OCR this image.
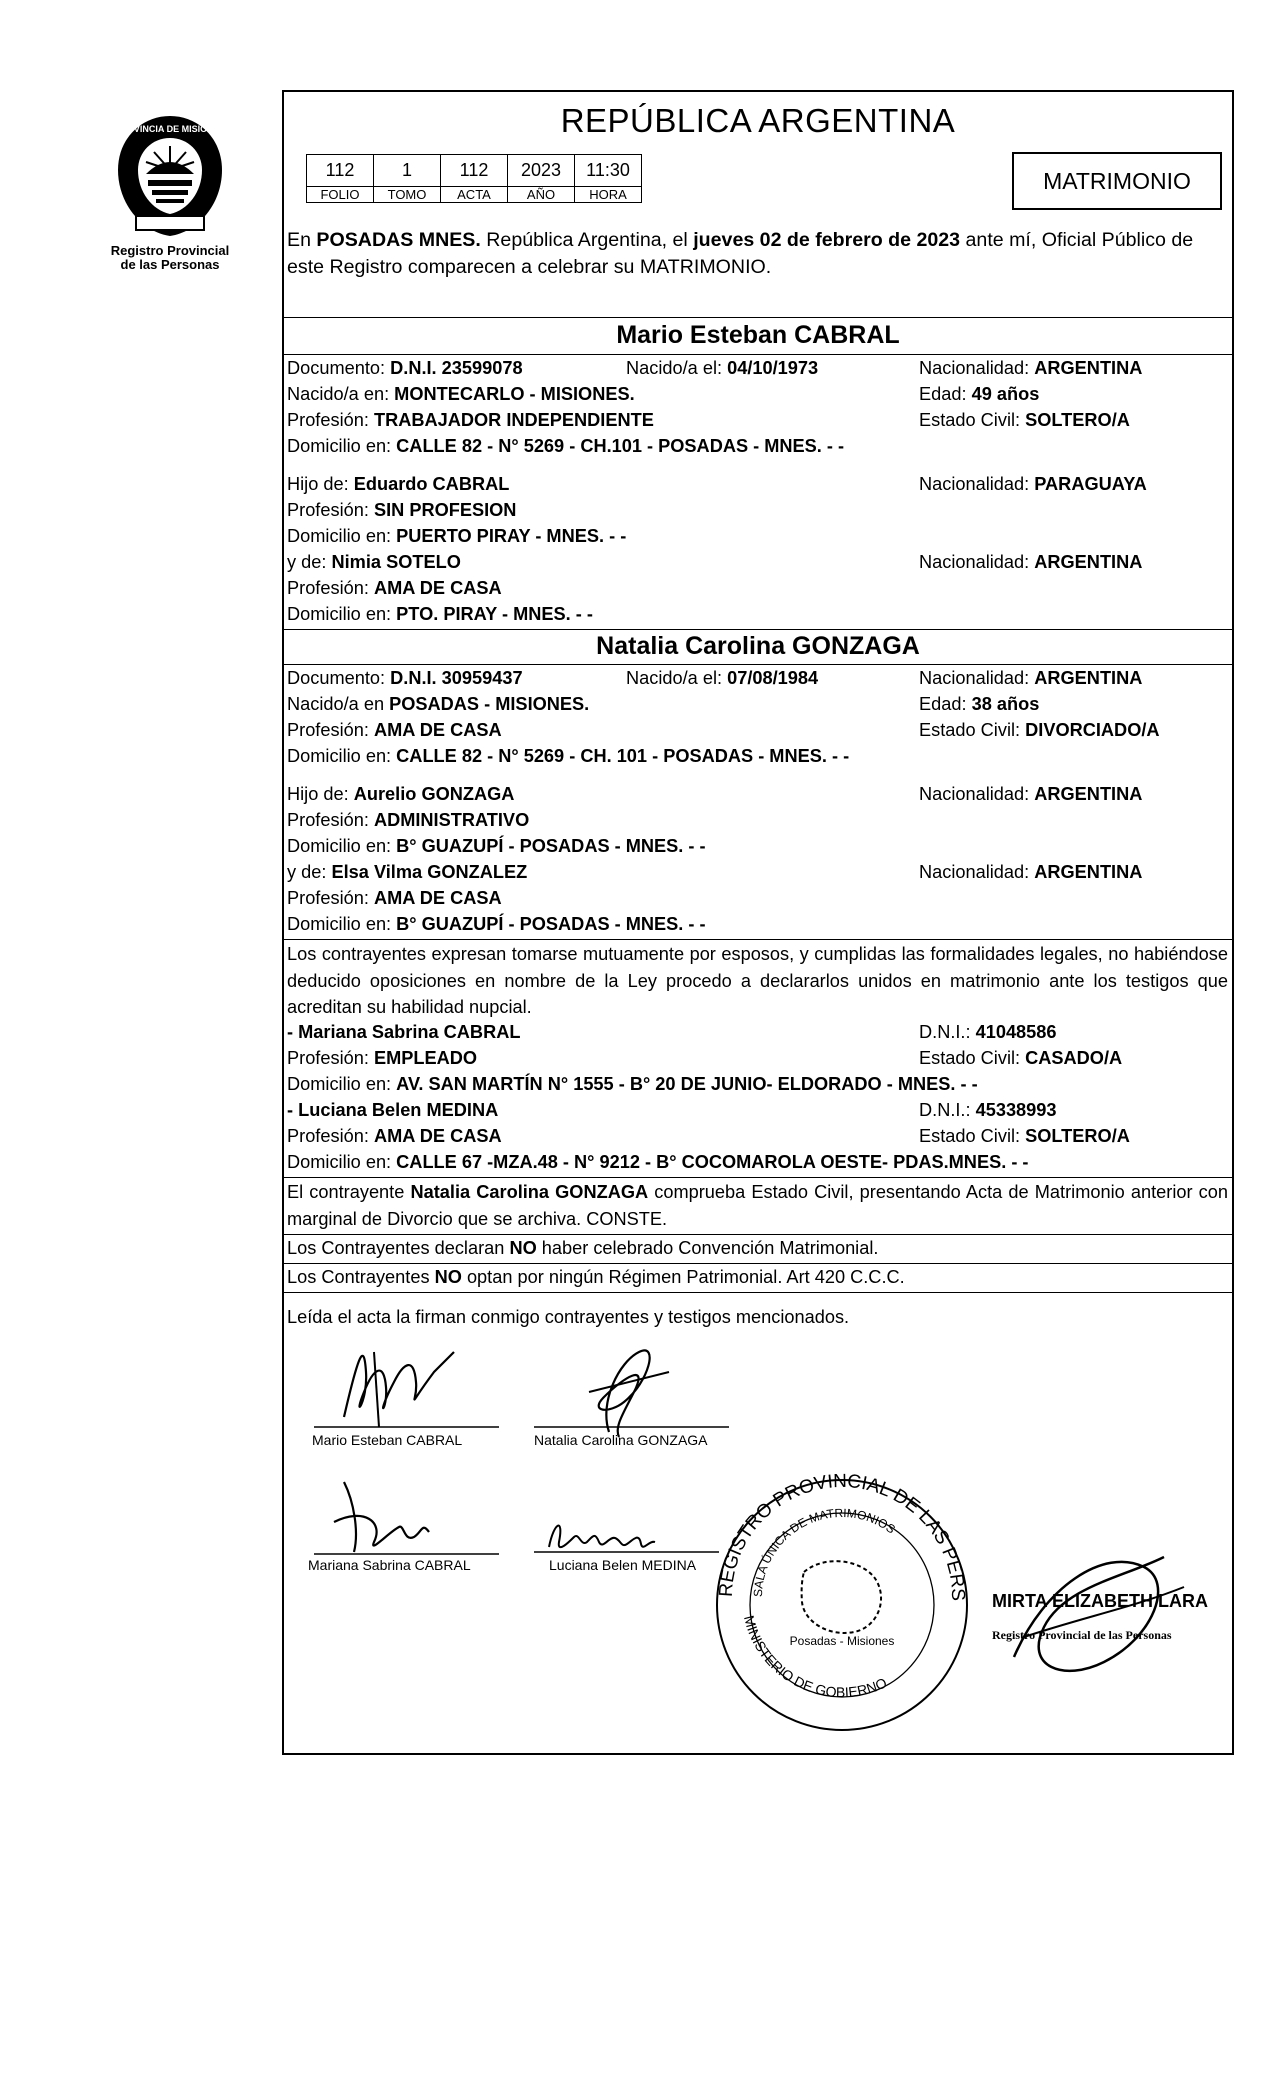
PROVINCIA DE MISIONES
Registro Provincial
de las Personas
REPÚBLICA ARGENTINA
112	1	112	2023	11:30
FOLIO	TOMO	ACTA	AÑO	HORA
MATRIMONIO
En POSADAS MNES. República Argentina, el jueves 02 de febrero de 2023 ante mí, Oficial Público de este Registro comparecen a celebrar su MATRIMONIO.
Mario Esteban CABRAL
Documento: D.N.I. 23599078	Nacido/a el: 04/10/1973	Nacionalidad: ARGENTINA
Nacido/a en: MONTECARLO - MISIONES.	Edad: 49 años
Profesión: TRABAJADOR INDEPENDIENTE	Estado Civil: SOLTERO/A
Domicilio en: CALLE 82 - N° 5269 - CH.101 - POSADAS - MNES. - -
Hijo de: Eduardo CABRAL	Nacionalidad: PARAGUAYA
Profesión: SIN PROFESION
Domicilio en: PUERTO PIRAY - MNES. - -
y de: Nimia SOTELO	Nacionalidad: ARGENTINA
Profesión: AMA DE CASA
Domicilio en: PTO. PIRAY - MNES. - -
Natalia Carolina GONZAGA
Documento: D.N.I. 30959437	Nacido/a el: 07/08/1984	Nacionalidad: ARGENTINA
Nacido/a en POSADAS - MISIONES.	Edad: 38 años
Profesión: AMA DE CASA	Estado Civil: DIVORCIADO/A
Domicilio en: CALLE 82 - N° 5269 - CH. 101 - POSADAS - MNES. - -
Hijo de: Aurelio GONZAGA	Nacionalidad: ARGENTINA
Profesión: ADMINISTRATIVO
Domicilio en: B° GUAZUPÍ - POSADAS - MNES. - -
y de: Elsa Vilma GONZALEZ	Nacionalidad: ARGENTINA
Profesión: AMA DE CASA
Domicilio en: B° GUAZUPÍ - POSADAS - MNES. - -
Los contrayentes expresan tomarse mutuamente por esposos, y cumplidas las formalidades legales, no habiéndose deducido oposiciones en nombre de la Ley procedo a declararlos unidos en matrimonio ante los testigos que acreditan su habilidad nupcial.
- Mariana Sabrina CABRAL	D.N.I.: 41048586
Profesión: EMPLEADO	Estado Civil: CASADO/A
Domicilio en: AV. SAN MARTÍN N° 1555 - B° 20 DE JUNIO- ELDORADO - MNES. - -
- Luciana Belen MEDINA	D.N.I.: 45338993
Profesión: AMA DE CASA	Estado Civil: SOLTERO/A
Domicilio en: CALLE 67 -MZA.48 - N° 9212 - B° COCOMAROLA OESTE- PDAS.MNES. - -
El contrayente Natalia Carolina GONZAGA comprueba Estado Civil, presentando Acta de Matrimonio anterior con marginal de Divorcio que se archiva. CONSTE.
Los Contrayentes declaran NO haber celebrado Convención Matrimonial.
Los Contrayentes NO optan por ningún Régimen Patrimonial. Art 420 C.C.C.
Leída el acta la firman conmigo contrayentes y testigos mencionados.
Mario Esteban CABRAL	Natalia Carolina GONZAGA
Mariana Sabrina CABRAL	Luciana Belen MEDINA
REGISTRO PROVINCIAL DE LAS PERSONAS
SALA ÚNICA DE MATRIMONIOS
MINISTERIO DE GOBIERNO
Posadas - Misiones
MIRTA ELIZABETH LARA
Registro Provincial de las Personas
